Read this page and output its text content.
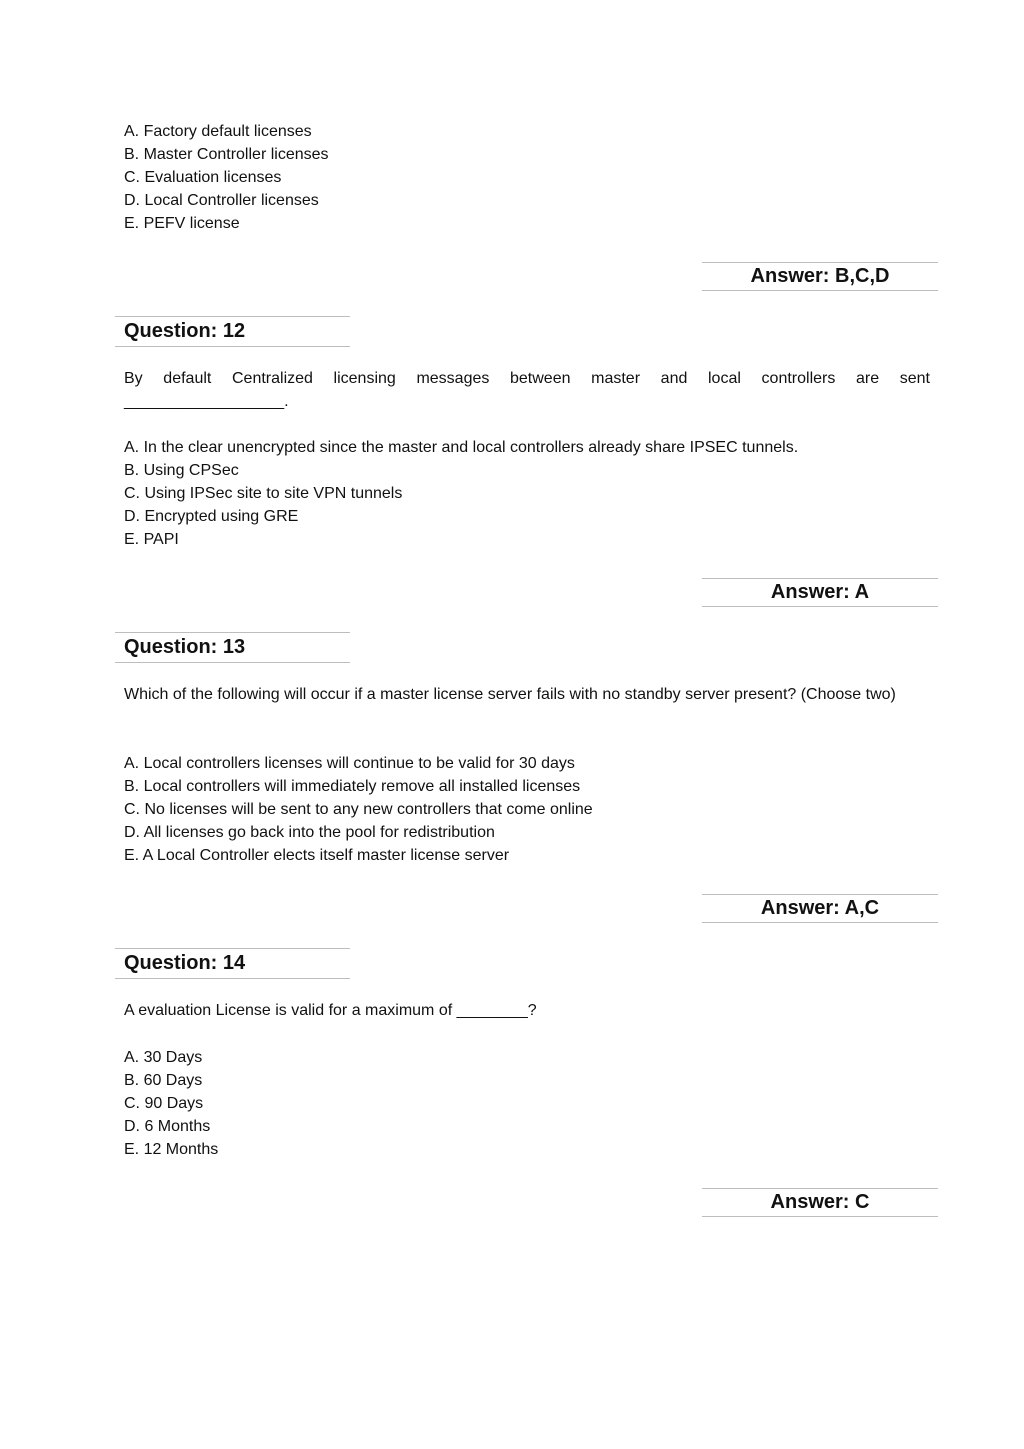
A. Factory default licenses
B. Master Controller licenses
C. Evaluation licenses
D. Local Controller licenses
E. PEFV license
Answer: B,C,D
Question: 12
By default Centralized licensing messages between master and local controllers are sent
__________________.
A. In the clear unencrypted since the master and local controllers already share IPSEC tunnels.
B. Using CPSec
C. Using IPSec site to site VPN tunnels
D. Encrypted using GRE
E. PAPI
Answer: A
Question: 13
Which of the following will occur if a master license server fails with no standby server present? (Choose two)
A. Local controllers licenses will continue to be valid for 30 days
B. Local controllers will immediately remove all installed licenses
C. No licenses will be sent to any new controllers that come online
D. All licenses go back into the pool for redistribution
E. A Local Controller elects itself master license server
Answer: A,C
Question: 14
A evaluation License is valid for a maximum of ________?
A. 30 Days
B. 60 Days
C. 90 Days
D. 6 Months
E. 12 Months
Answer: C
